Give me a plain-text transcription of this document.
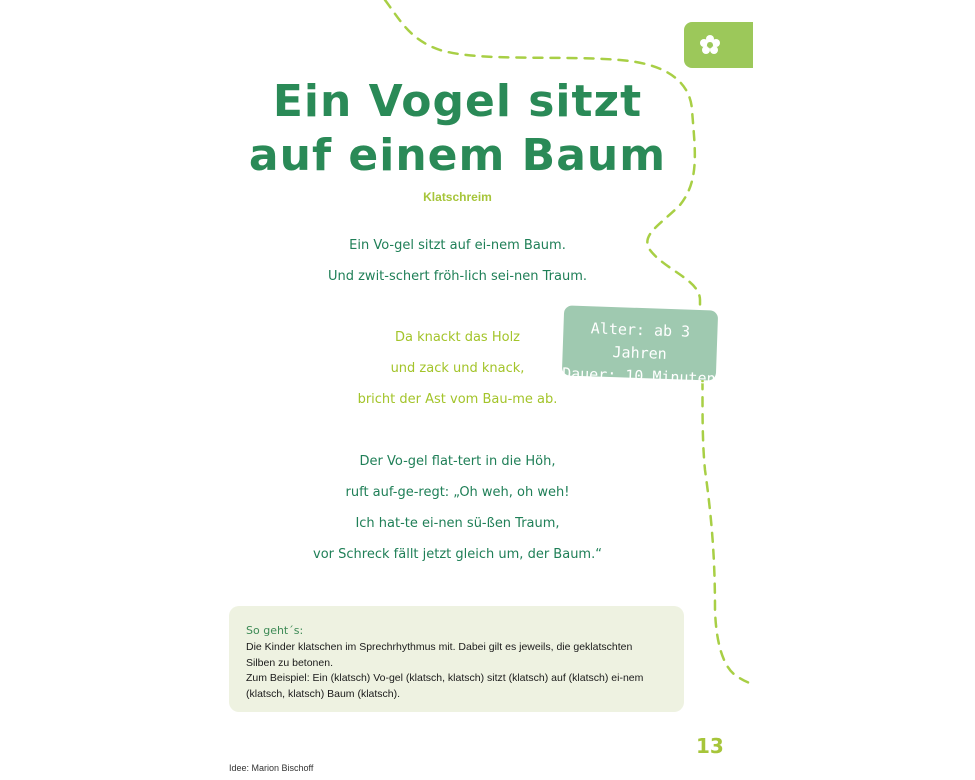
Ein Vogel sitzt
auf einem Baum
Klatschreim
Ein Vo-gel sitzt auf ei-nem Baum.
Und zwit-schert fröh-lich sei-nen Traum.
Da knackt das Holz
und zack und knack,
bricht der Ast vom Bau-me ab.
Der Vo-gel flat-tert in die Höh,
ruft auf-ge-regt: „Oh weh, oh weh!
Ich hat-te ei-nen sü-ßen Traum,
vor Schreck fällt jetzt gleich um, der Baum.“
Alter: ab 3 Jahren
Dauer: 10 Minuten
So geht´s:
Die Kinder klatschen im Sprechrhythmus mit. Dabei gilt es jeweils, die geklatschten
Silben zu betonen.
Zum Beispiel: Ein (klatsch) Vo-gel (klatsch, klatsch) sitzt (klatsch) auf (klatsch) ei-nem
(klatsch, klatsch) Baum (klatsch).
Idee: Marion Bischoff
13
